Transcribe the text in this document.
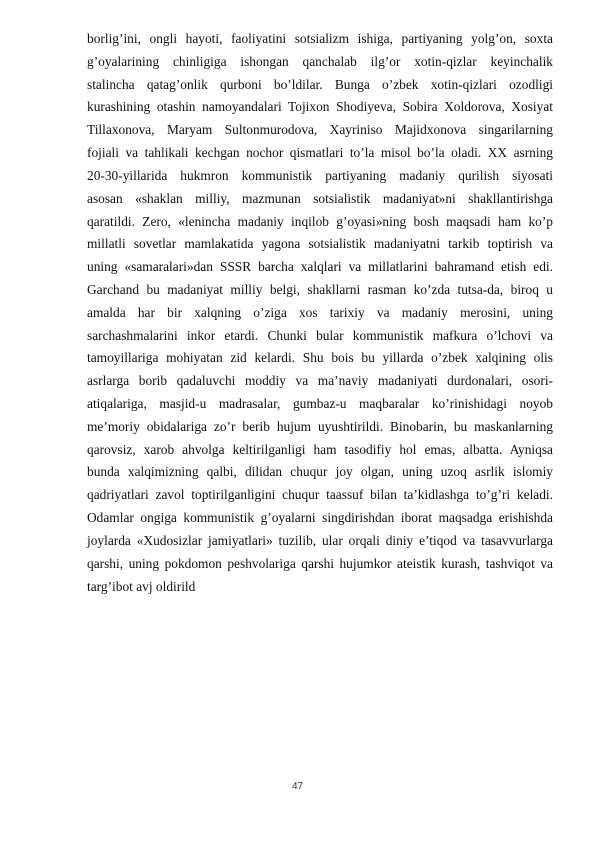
borlig’ini, ongli hayoti, faoliyatini sotsializm ishiga, partiyaning yolg’on, soxta
g’oyalarining chinligiga ishongan qanchalab ilg’or xotin-qizlar keyinchalik
stalincha qatag’onlik qurboni bo’ldilar. Bunga o’zbek xotin-qizlari ozodligi
kurashining otashin namoyandalari Tojixon Shodiyeva, Sobira Xoldorova, Xosiyat
Tillaxonova, Maryam Sultonmurodova, Xayriniso Majidxonova singarilarning
fojiali va tahlikali kechgan nochor qismatlari to’la misol bo’la oladi. XX asrning
20-30-yillarida hukmron kommunistik partiyaning madaniy qurilish siyosati
asosan «shaklan milliy, mazmunan sotsialistik madaniyat»ni shakllantirishga
qaratildi. Zero, «lenincha madaniy inqilob g’oyasi»ning bosh maqsadi ham ko’p
millatli sovetlar mamlakatida yagona sotsialistik madaniyatni tarkib toptirish va
uning «samaralari»dan SSSR barcha xalqlari va millatlarini bahramand etish edi.
Garchand bu madaniyat milliy belgi, shakllarni rasman ko’zda tutsa-da, biroq u
amalda har bir xalqning o’ziga xos tarixiy va madaniy merosini, uning
sarchashmalarini inkor etardi. Chunki bular kommunistik mafkura o’lchovi va
tamoyillariga mohiyatan zid kelardi. Shu bois bu yillarda o’zbek xalqining olis
asrlarga borib qadaluvchi moddiy va ma’naviy madaniyati durdonalari, osori-
atiqalariga, masjid-u madrasalar, gumbaz-u maqbaralar ko’rinishidagi noyob
me’moriy obidalariga zo’r berib hujum uyushtirildi. Binobarin, bu maskanlarning
qarovsiz, xarob ahvolga keltirilganligi ham tasodifiy hol emas, albatta. Ayniqsa
bunda xalqimizning qalbi, dilidan chuqur joy olgan, uning uzoq asrlik islomiy
qadriyatlari zavol toptirilganligini chuqur taassuf bilan ta’kidlashga to’g’ri keladi.
Odamlar ongiga kommunistik g’oyalarni singdirishdan iborat maqsadga erishishda
joylarda «Xudosizlar jamiyatlari» tuzilib, ular orqali diniy e’tiqod va tasavvurlarga
qarshi, uning pokdomon peshvolariga qarshi hujumkor ateistik kurash, tashviqot va
targ’ibot avj oldirild
47
